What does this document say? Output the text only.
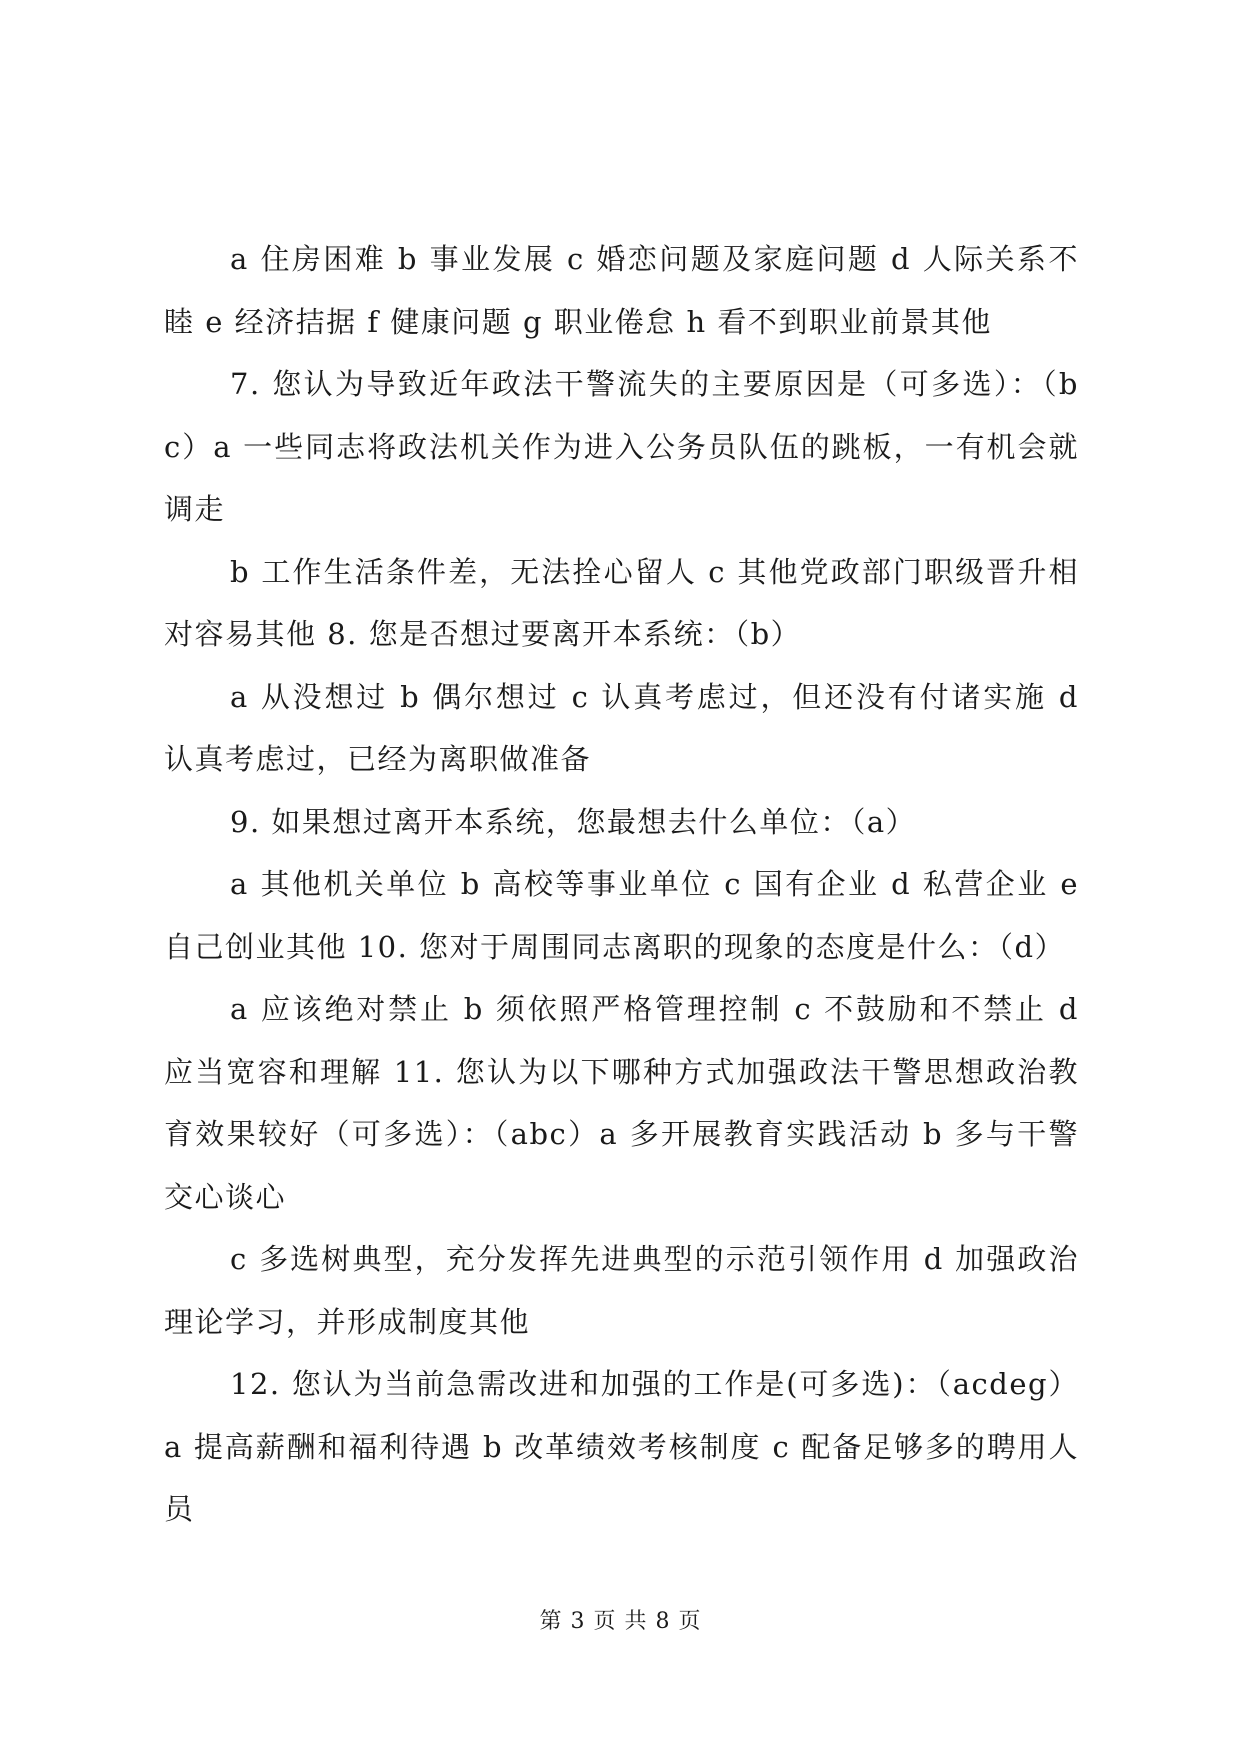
a 住房困难 b 事业发展 c 婚恋问题及家庭问题 d 人际关系不睦 e 经济拮据 f 健康问题 g 职业倦怠 h 看不到职业前景其他

7. 您认为导致近年政法干警流失的主要原因是（可多选）：（bc）a 一些同志将政法机关作为进入公务员队伍的跳板，一有机会就调走

b 工作生活条件差，无法拴心留人 c 其他党政部门职级晋升相对容易其他 8. 您是否想过要离开本系统：（b）

a 从没想过 b 偶尔想过 c 认真考虑过，但还没有付诸实施 d 认真考虑过，已经为离职做准备

9. 如果想过离开本系统，您最想去什么单位：（a）

a 其他机关单位 b 高校等事业单位 c 国有企业 d 私营企业 e 自己创业其他 10. 您对于周围同志离职的现象的态度是什么：（d）

a 应该绝对禁止 b 须依照严格管理控制 c 不鼓励和不禁止 d 应当宽容和理解 11. 您认为以下哪种方式加强政法干警思想政治教育效果较好（可多选）：（abc）a 多开展教育实践活动 b 多与干警交心谈心

c 多选树典型，充分发挥先进典型的示范引领作用 d 加强政治理论学习，并形成制度其他

12. 您认为当前急需改进和加强的工作是(可多选)：（acdeg）a 提高薪酬和福利待遇 b 改革绩效考核制度 c 配备足够多的聘用人员

第 3 页 共 8 页
